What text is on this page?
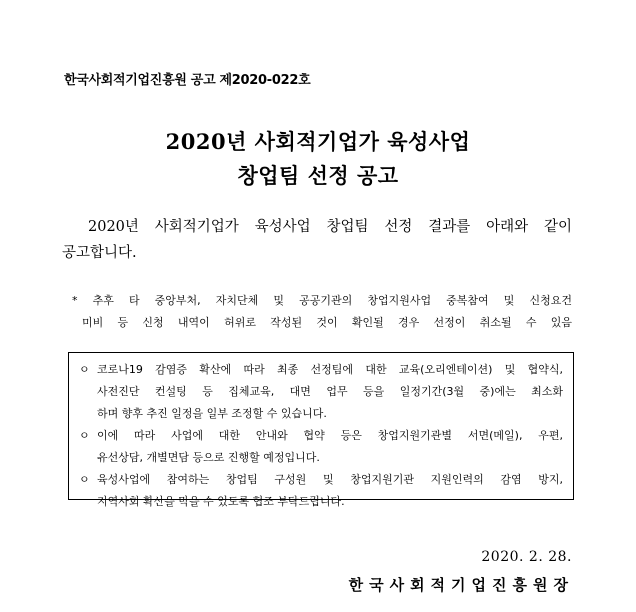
한국사회적기업진흥원 공고 제2020-022호
2020년 사회적기업가 육성사업
창업팀 선정 공고
2020년 사회적기업가 육성사업 창업팀 선정 결과를 아래와 같이
공고합니다.
* 추후 타 중앙부처, 자치단체 및 공공기관의 창업지원사업 중복참여 및 신청요건
미비 등 신청 내역이 허위로 작성된 것이 확인될 경우 선정이 취소될 수 있음
ㅇ 코로나19 감염증 확산에 따라 최종 선정팀에 대한 교육(오리엔테이션) 및 협약식,
사전진단 컨설팅 등 집체교육, 대면 업무 등을 일정기간(3월 중)에는 최소화
하며 향후 추진 일정을 일부 조정할 수 있습니다.
ㅇ 이에 따라 사업에 대한 안내와 협약 등은 창업지원기관별 서면(메일), 우편,
유선상담, 개별면담 등으로 진행할 예정입니다.
ㅇ 육성사업에 참여하는 창업팀 구성원 및 창업지원기관 지원인력의 감염 방지,
지역사회 확산을 막을 수 있도록 협조 부탁드립니다.
2020. 2. 28.
한국사회적기업진흥원장
